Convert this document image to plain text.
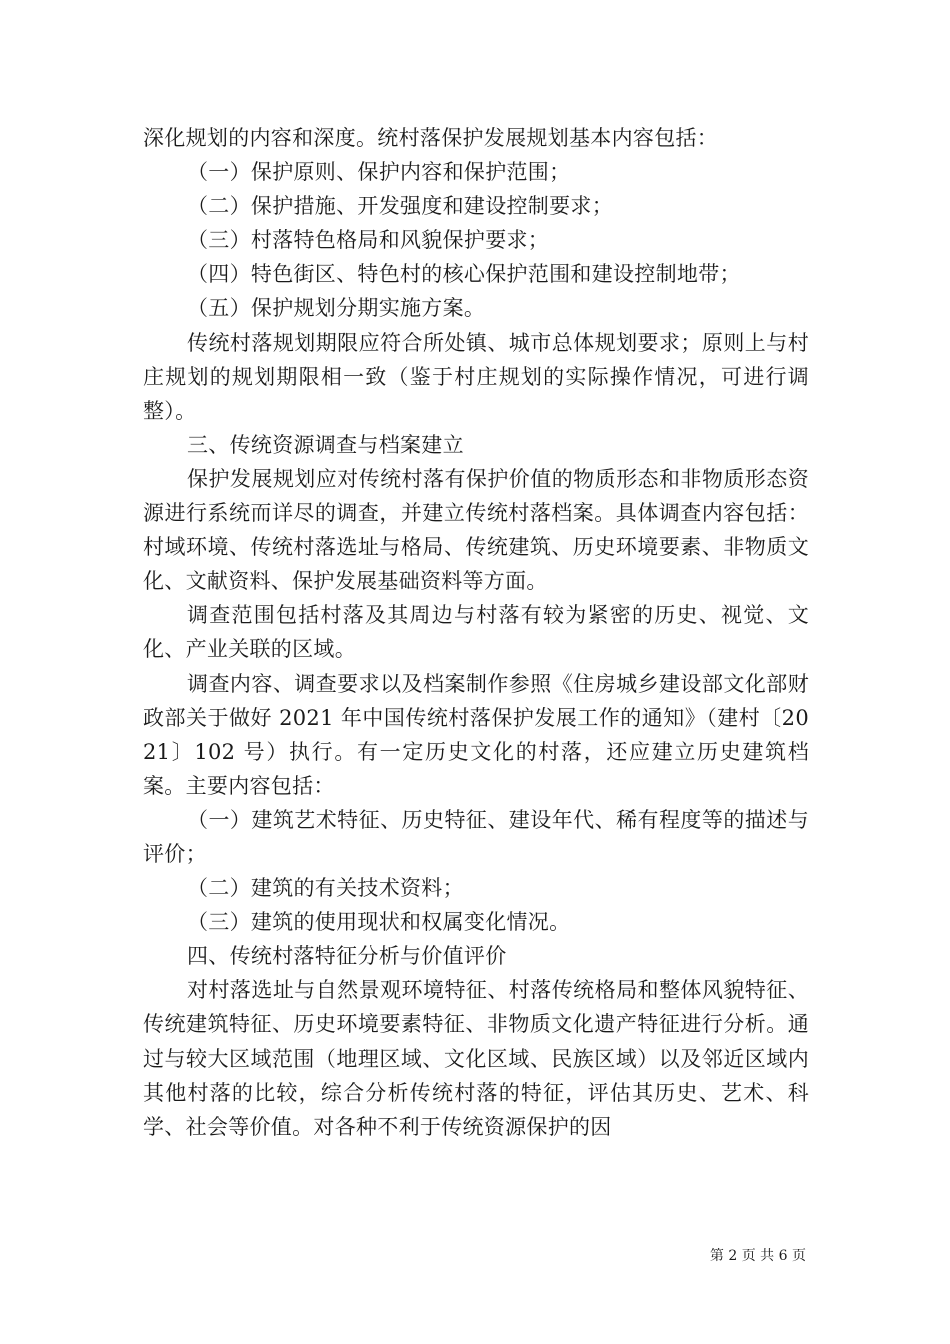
深化规划的内容和深度。统村落保护发展规划基本内容包括：

（一）保护原则、保护内容和保护范围；

（二）保护措施、开发强度和建设控制要求；

（三）村落特色格局和风貌保护要求；

（四）特色街区、特色村的核心保护范围和建设控制地带；

（五）保护规划分期实施方案。

传统村落规划期限应符合所处镇、城市总体规划要求；原则上与村庄规划的规划期限相一致（鉴于村庄规划的实际操作情况，可进行调整）。

三、传统资源调查与档案建立

保护发展规划应对传统村落有保护价值的物质形态和非物质形态资源进行系统而详尽的调查，并建立传统村落档案。具体调查内容包括：村域环境、传统村落选址与格局、传统建筑、历史环境要素、非物质文化、文献资料、保护发展基础资料等方面。

调查范围包括村落及其周边与村落有较为紧密的历史、视觉、文化、产业关联的区域。

调查内容、调查要求以及档案制作参照《住房城乡建设部文化部财政部关于做好 2021 年中国传统村落保护发展工作的通知》（建村〔2021〕102 号）执行。有一定历史文化的村落，还应建立历史建筑档案。主要内容包括：

（一）建筑艺术特征、历史特征、建设年代、稀有程度等的描述与评价；

（二）建筑的有关技术资料；

（三）建筑的使用现状和权属变化情况。

四、传统村落特征分析与价值评价

对村落选址与自然景观环境特征、村落传统格局和整体风貌特征、传统建筑特征、历史环境要素特征、非物质文化遗产特征进行分析。通过与较大区域范围（地理区域、文化区域、民族区域）以及邻近区域内其他村落的比较，综合分析传统村落的特征，评估其历史、艺术、科学、社会等价值。对各种不利于传统资源保护的因

第 2 页 共 6 页
